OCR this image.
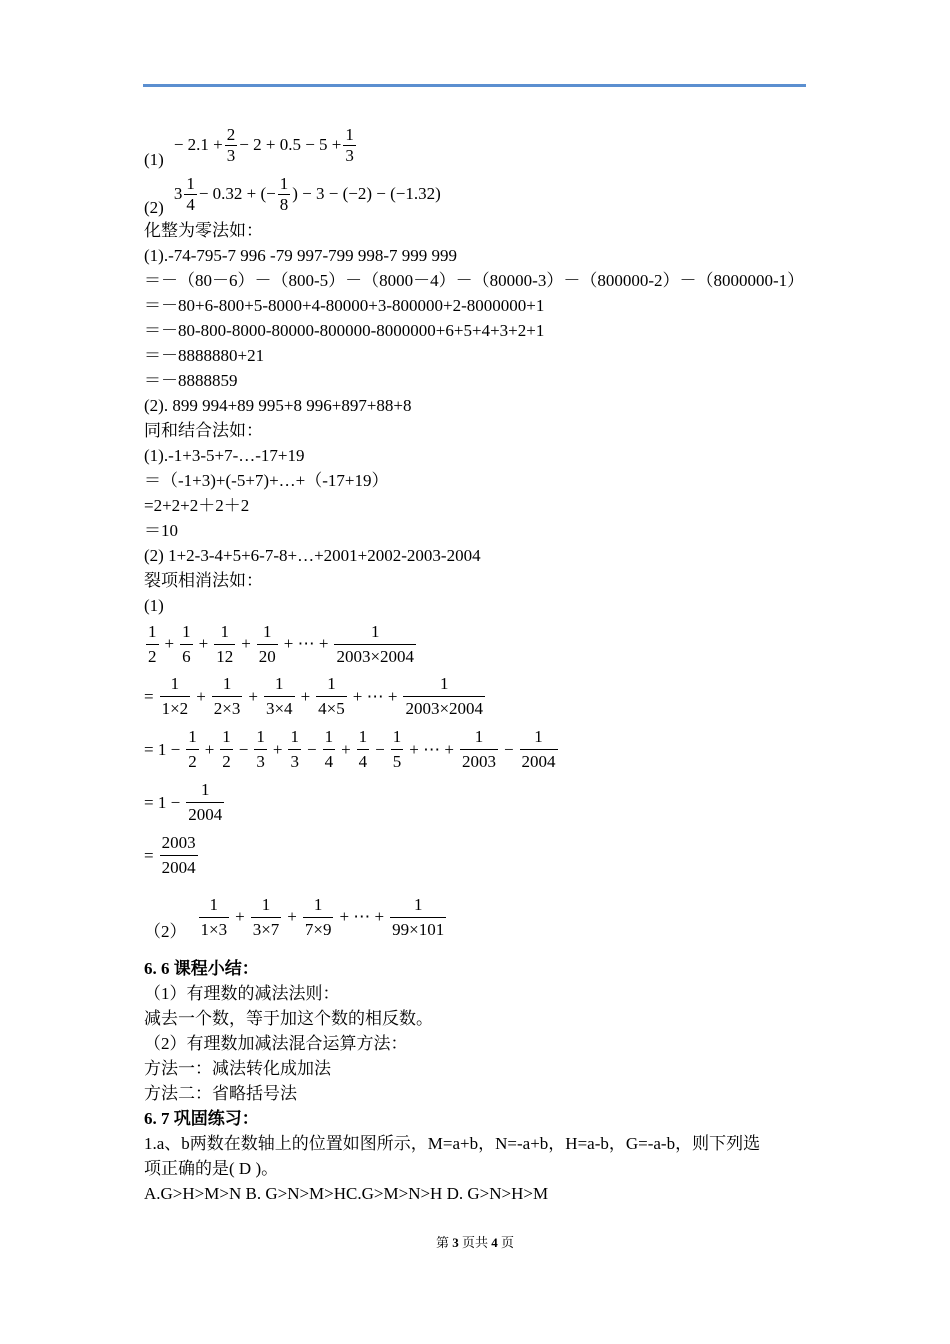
(1)
− $2.1 + \frac{2}{3} - 2 + 0.5 - 5 + \frac{1}{3}$
(2)
$3 \frac{1}{4} - 0.32$ + (− $\frac{1}{8}$ ) − 3 − (−2) − (−1.32)
化整为零法如：
(1).-74-795-7 996 -79 997-799 998-7 999 999
＝－（80－6）－（800-5）－（8000－4）－（80000-3）－（800000-2）－（8000000-1）
＝－80+6-800+5-8000+4-80000+3-800000+2-8000000+1
＝－80-800-8000-80000-800000-8000000+6+5+4+3+2+1
＝－8888880+21
＝－8888859
(2). 899 994+89 995+8 996+897+88+8
同和结合法如：
(1).-1+3-5+7-…-17+19
＝（-1+3)+(-5+7)+…+（-17+19）
=2+2+2＋2＋2
＝10
(2) 1+2-3-4+5+6-7-8+…+2001+2002-2003-2004
裂项相消法如：
(1)
$\frac{1}{2} + \frac{1}{6} + \frac{1}{12} + \frac{1}{20}$ + ⋯ + $\frac{1}{2003\times 2004}$
= $\frac{1}{1\times 2} + \frac{1}{2\times 3} + \frac{1}{3\times 4} + \frac{1}{4\times 5}$ + ⋯ + $\frac{1}{2003\times 2004}$
= $1 - \frac{1}{2} + \frac{1}{2} - \frac{1}{3} + \frac{1}{3} - \frac{1}{4} + \frac{1}{4} - \frac{1}{5}$ + ⋯ + $\frac{1}{2003} - \frac{1}{2004}$
= $1 - \frac{1}{2004}$
= $\frac{2003}{2004}$
$(2) \frac{1}{1\times 3} + \frac{1}{3\times 7} + \frac{1}{7\times 9}$ + ⋯ + $\frac{1}{99\times 101}$
6. 6 课程小结：
（1）有理数的减法法则：
减去一个数，等于加这个数的相反数。
（2）有理数加减法混合运算方法：
方法一：减法转化成加法
方法二：省略括号法
6. 7 巩固练习：
1.a、b两数在数轴上的位置如图所示，M=a+b，N=-a+b，H=a-b，G=-a-b，则下列选
项正确的是( D )。
A.G>H>M>N B. G>N>M>HC.G>M>N>H D. G>N>H>M
第 3 页共 4 页
